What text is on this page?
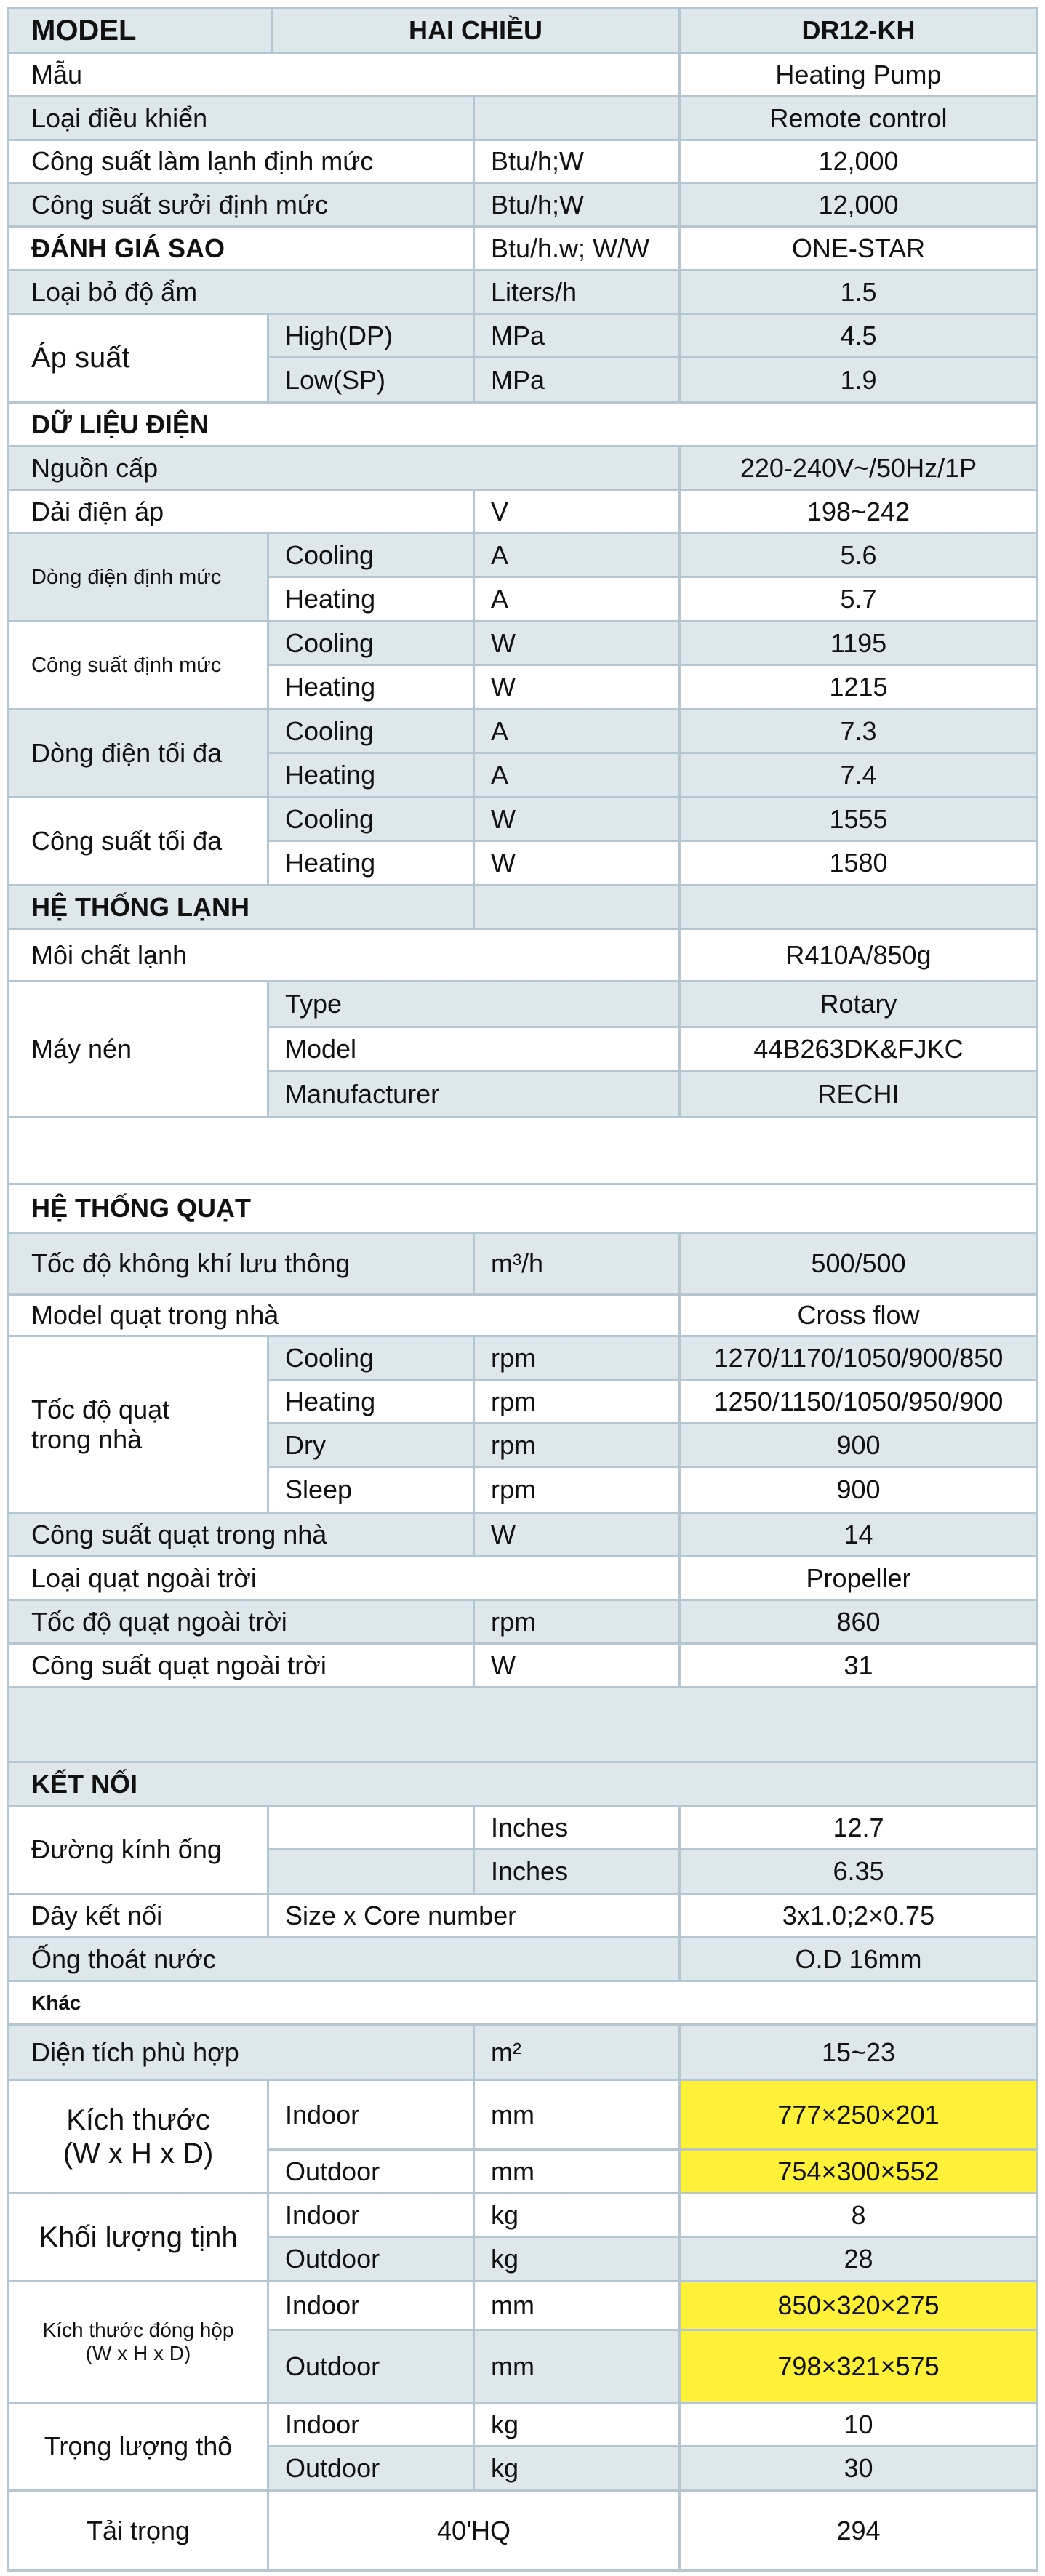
MODEL	HAI CHIỀU	DR12-KH
Mẫu	Heating Pump
Loại điều khiển	Remote control
Công suất làm lạnh định mức	Btu/h;W	12,000
Công suất sưởi định mức	Btu/h;W	12,000
ĐÁNH GIÁ SAO	Btu/h.w; W/W	ONE-STAR
Loại bỏ độ ẩm	Liters/h	1.5
Áp suất
High(DP)	MPa	4.5
Low(SP)	MPa	1.9
DỮ LIỆU ĐIỆN
Nguồn cấp	220-240V~/50Hz/1P
Dải điện áp	V	198~242
Dòng điện định mức
Cooling	A	5.6
Heating	A	5.7
Công suất định mức
Cooling	W	1195
Heating	W	1215
Dòng điện tối đa
Cooling	A	7.3
Heating	A	7.4
Công suất tối đa
Cooling	W	1555
Heating	W	1580
HỆ THỐNG LẠNH
Môi chất lạnh	R410A/850g
Máy nén
Type	Rotary
Model	44B263DK&FJKC
Manufacturer	RECHI
HỆ THỐNG QUẠT
Tốc độ không khí lưu thông	m³/h	500/500
Model quạt trong nhà	Cross flow
Tốc độ quạt
trong nhà
Cooling	rpm	1270/1170/1050/900/850
Heating	rpm	1250/1150/1050/950/900
Dry	rpm	900
Sleep	rpm	900
Công suất quạt trong nhà	W	14
Loại quạt ngoài trời	Propeller
Tốc độ quạt ngoài trời	rpm	860
Công suất quạt ngoài trời	W	31
KẾT NỐI
Đường kính ống
Inches	12.7
Inches	6.35
Dây kết nối	Size x Core number	3x1.0;2×0.75
Ống thoát nước	O.D 16mm
Khác
Diện tích phù hợp	m²	15~23
Kích thước
(W x H x D)
Indoor	mm	777×250×201
Outdoor	mm	754×300×552
Khối lượng tịnh
Indoor	kg	8
Outdoor	kg	28
Kích thước đóng hộp
(W x H x D)
Indoor	mm	850×320×275
Outdoor	mm	798×321×575
Trọng lượng thô
Indoor	kg	10
Outdoor	kg	30
Tải trọng	40'HQ	294
